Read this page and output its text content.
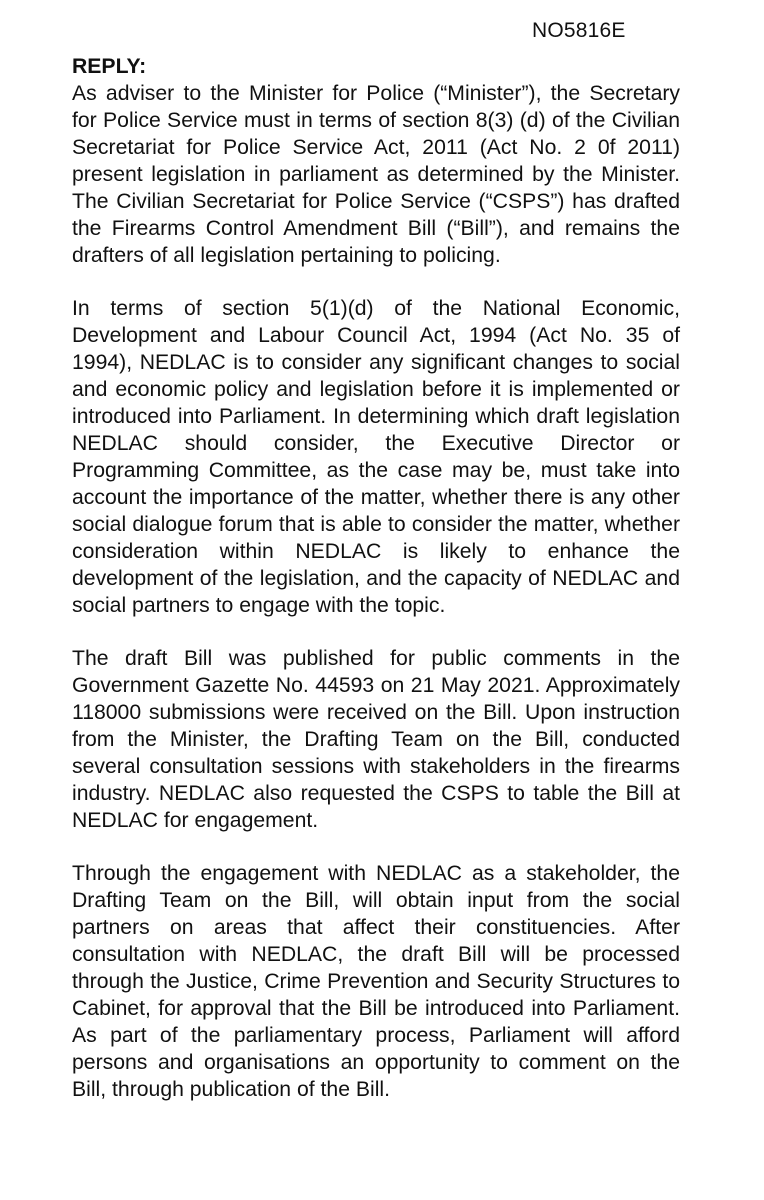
NO5816E

REPLY:

As adviser to the Minister for Police (“Minister”), the Secretary for Police Service must in terms of section 8(3) (d) of the Civilian Secretariat for Police Service Act, 2011 (Act No. 2 0f 2011) present legislation in parliament as determined by the Minister. The Civilian Secretariat for Police Service (“CSPS”) has drafted the Firearms Control Amendment Bill (“Bill”), and remains the drafters of all legislation pertaining to policing.

In terms of section 5(1)(d) of the National Economic, Development and Labour Council Act, 1994 (Act No. 35 of 1994), NEDLAC is to consider any significant changes to social and economic policy and legislation before it is implemented or introduced into Parliament. In determining which draft legislation NEDLAC should consider, the Executive Director or Programming Committee, as the case may be, must take into account the importance of the matter, whether there is any other social dialogue forum that is able to consider the matter, whether consideration within NEDLAC is likely to enhance the development of the legislation, and the capacity of NEDLAC and social partners to engage with the topic.

The draft Bill was published for public comments in the Government Gazette No. 44593 on 21 May 2021. Approximately 118000 submissions were received on the Bill. Upon instruction from the Minister, the Drafting Team on the Bill, conducted several consultation sessions with stakeholders in the firearms industry. NEDLAC also requested the CSPS to table the Bill at NEDLAC for engagement.

Through the engagement with NEDLAC as a stakeholder, the Drafting Team on the Bill, will obtain input from the social partners on areas that affect their constituencies. After consultation with NEDLAC, the draft Bill will be processed through the Justice, Crime Prevention and Security Structures to Cabinet, for approval that the Bill be introduced into Parliament. As part of the parliamentary process, Parliament will afford persons and organisations an opportunity to comment on the Bill, through publication of the Bill.
